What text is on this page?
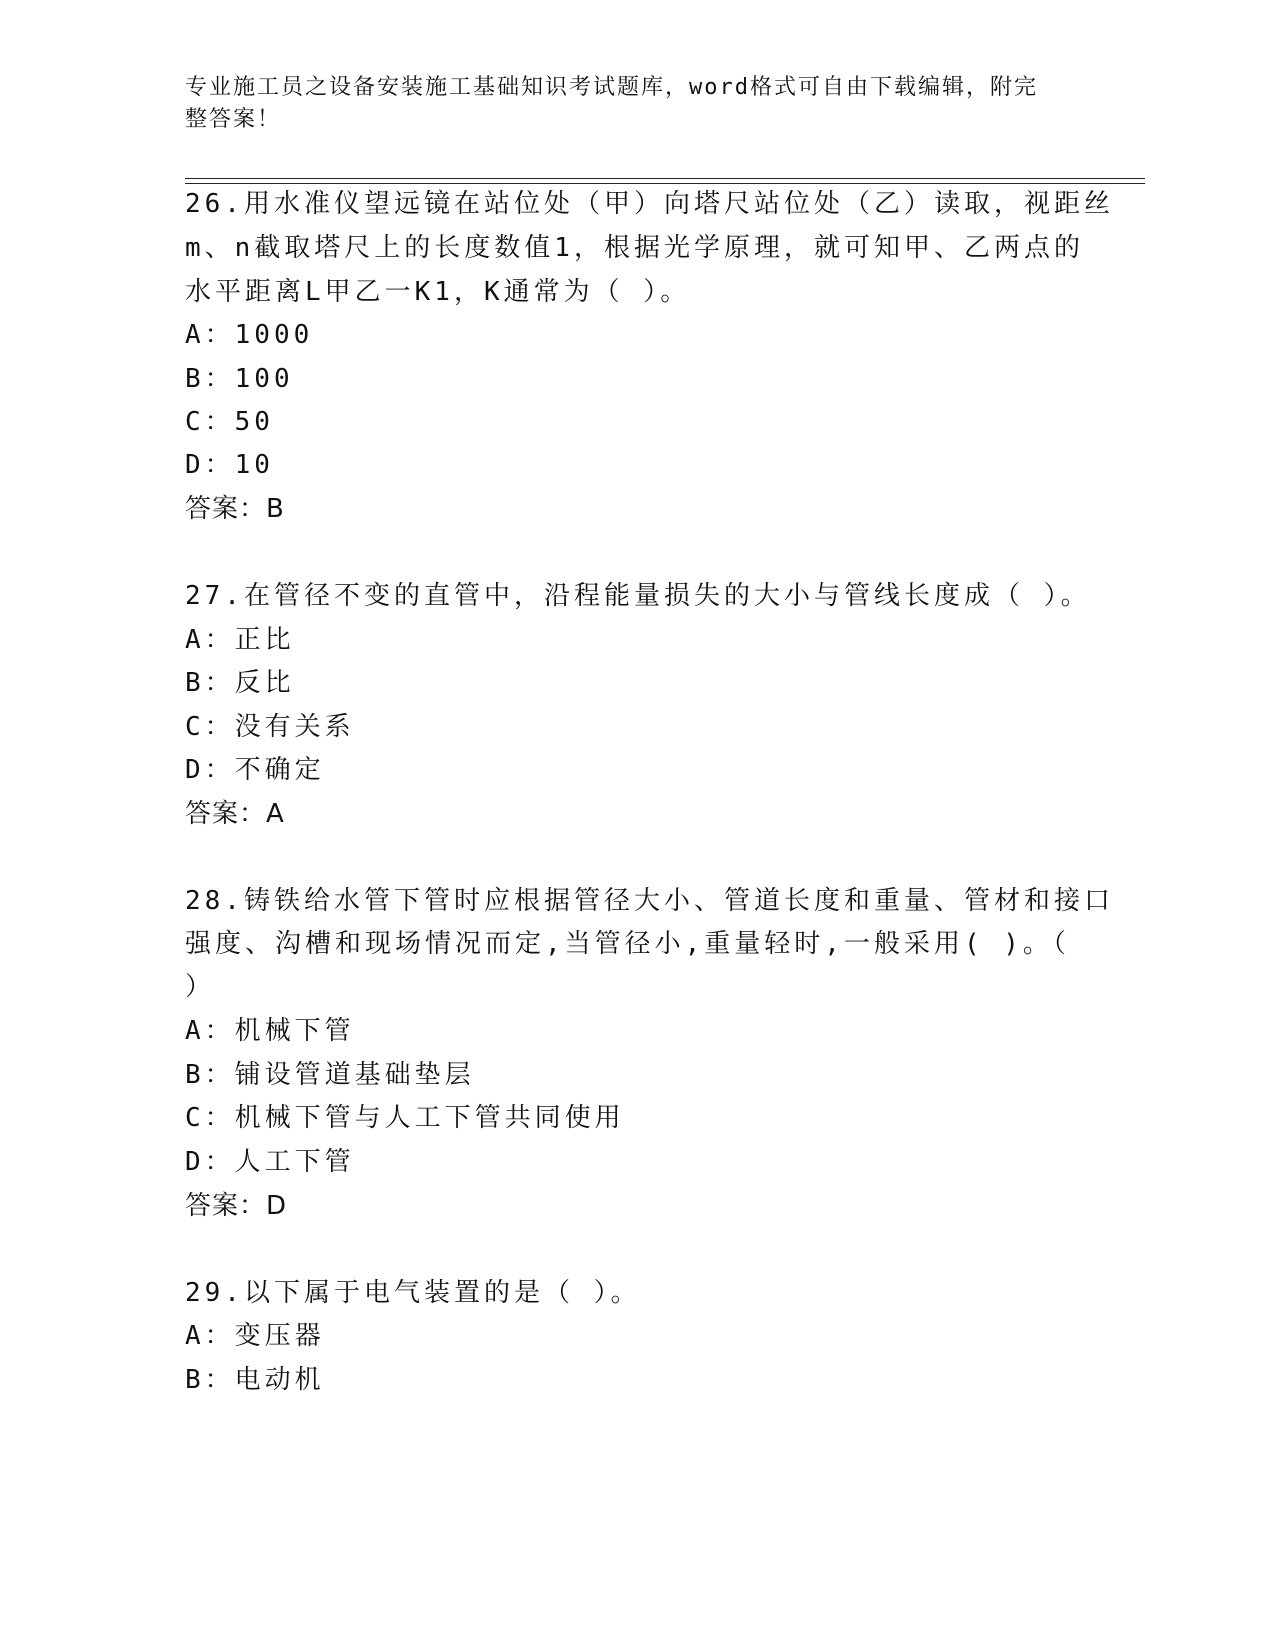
专业施工员之设备安装施工基础知识考试题库，word格式可自由下载编辑，附完
整答案！
26.用水准仪望远镜在站位处（甲）向塔尺站位处（乙）读取，视距丝
m、n截取塔尺上的长度数值1，根据光学原理，就可知甲、乙两点的
水平距离L甲乙一K1，K通常为（ ）。
A：1000
B：100
C：50
D：10
答案：B
27.在管径不变的直管中，沿程能量损失的大小与管线长度成（ ）。
A：正比
B：反比
C：没有关系
D：不确定
答案：A
28.铸铁给水管下管时应根据管径大小、管道长度和重量、管材和接口
强度、沟槽和现场情况而定,当管径小,重量轻时,一般采用( )。（
）
A：机械下管
B：铺设管道基础垫层
C：机械下管与人工下管共同使用
D：人工下管
答案：D
29.以下属于电气装置的是（ ）。
A：变压器
B：电动机
